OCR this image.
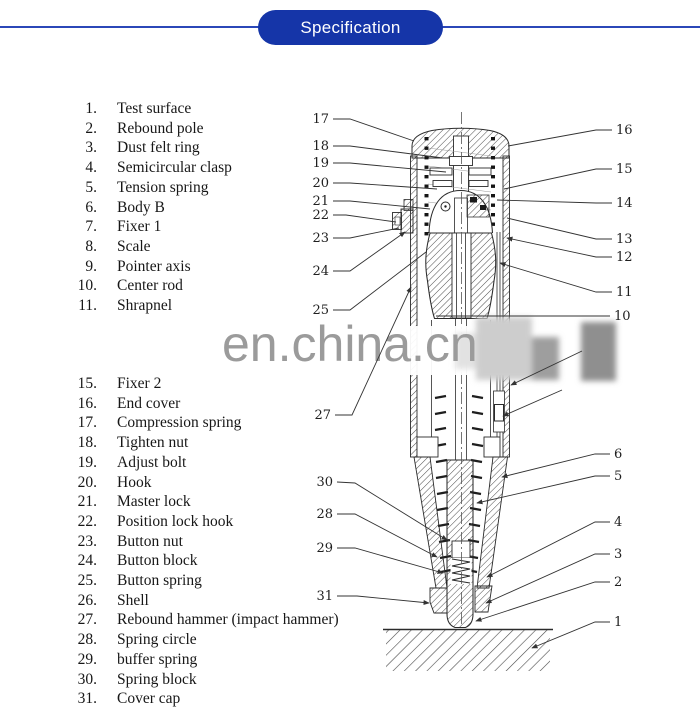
Specification
1. Test surface
2. Rebound pole
3. Dust felt ring
4. Semicircular clasp
5. Tension spring
6. Body B
7. Fixer 1
8. Scale
9. Pointer axis
10. Center rod
11. Shrapnel
15. Fixer 2
16. End cover
17. Compression spring
18. Tighten nut
19. Adjust bolt
20. Hook
21. Master lock
22. Position lock hook
23. Button nut
24. Button block
25. Button spring
26. Shell
27. Rebound hammer (impact hammer)
28. Spring circle
29. buffer spring
30. Spring block
31. Cover cap
en.china.cn
17
18
19
20
21
22
23
24
25
27
30
28
29
31
16
15
14
13
12
11
10
6
5
4
3
2
1
